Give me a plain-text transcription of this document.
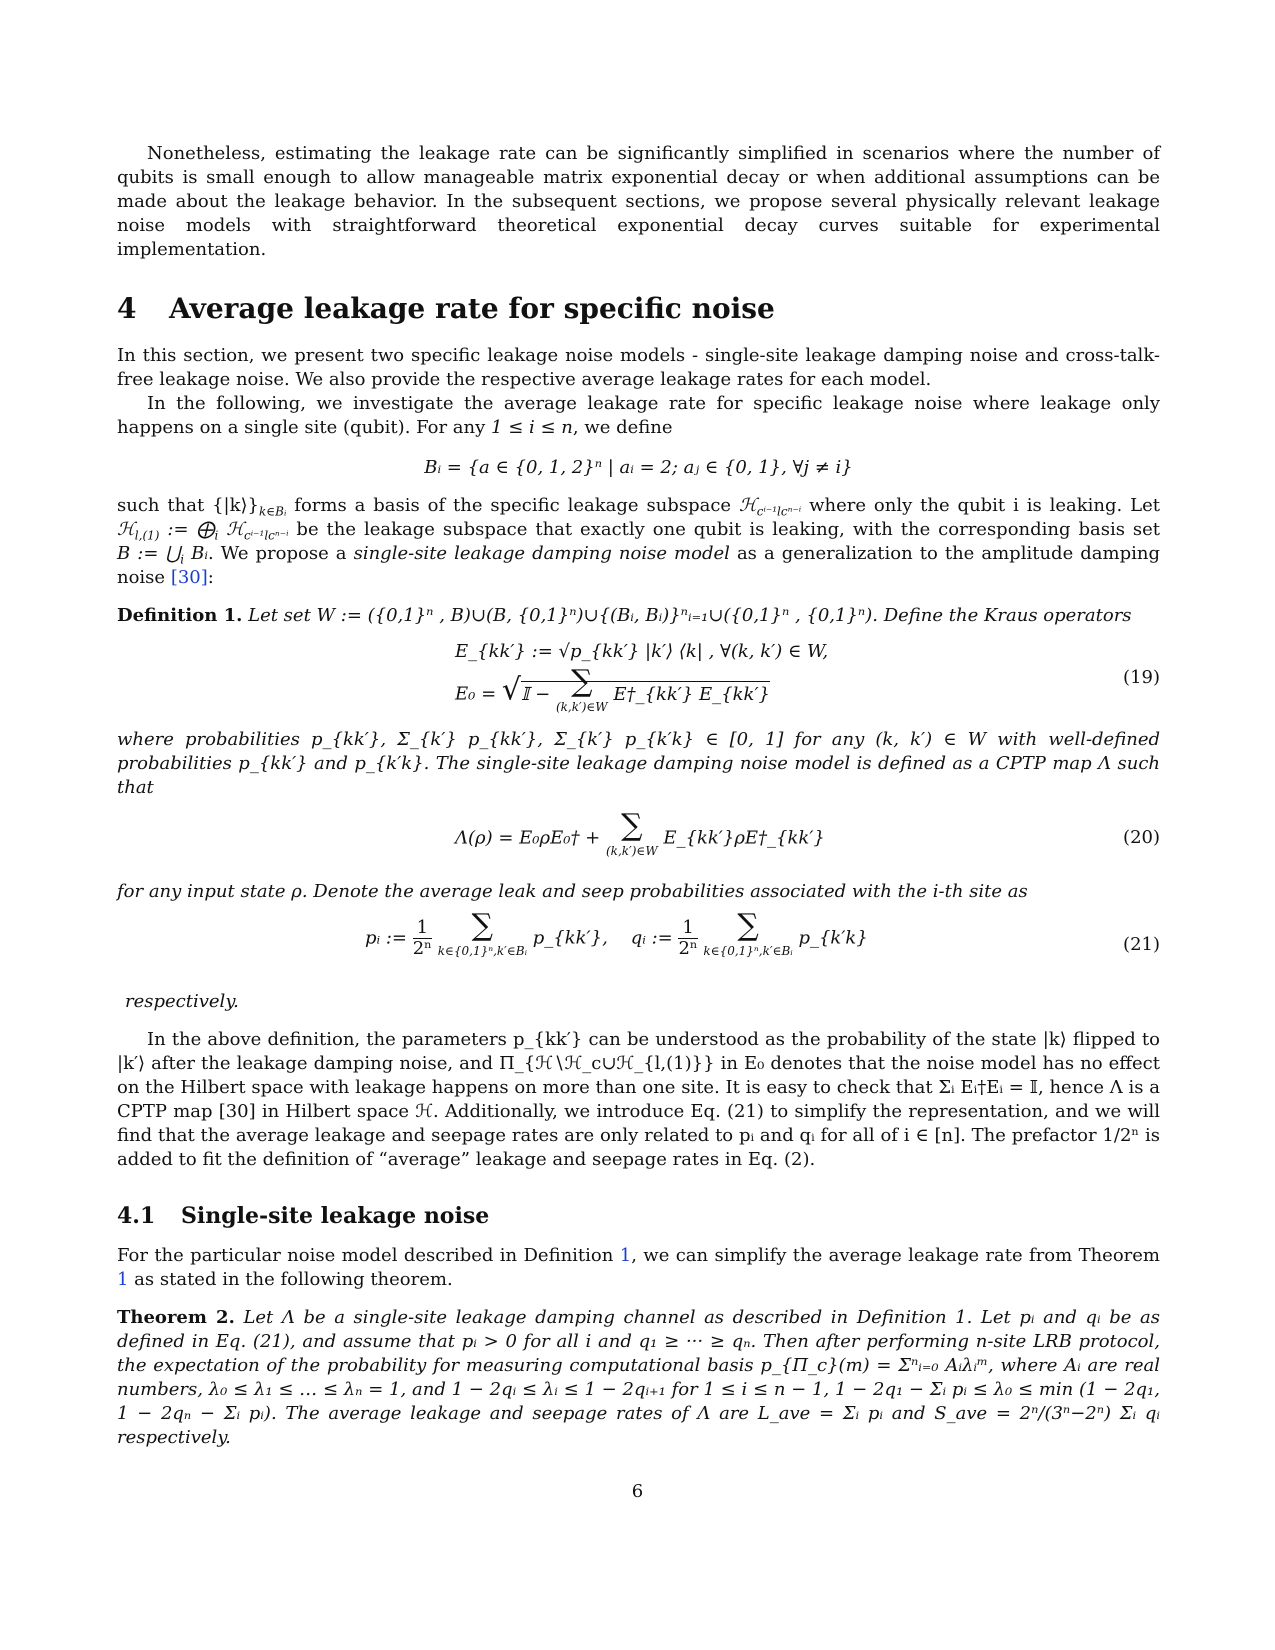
Nonetheless, estimating the leakage rate can be significantly simplified in scenarios where the number of qubits is small enough to allow manageable matrix exponential decay or when additional assumptions can be made about the leakage behavior. In the subsequent sections, we propose several physically relevant leakage noise models with straightforward theoretical exponential decay curves suitable for experimental implementation.

4 Average leakage rate for specific noise

In this section, we present two specific leakage noise models - single-site leakage damping noise and cross-talk-free leakage noise. We also provide the respective average leakage rates for each model.

In the following, we investigate the average leakage rate for specific leakage noise where leakage only happens on a single site (qubit). For any 1 ≤ i ≤ n, we define

Bᵢ = {a ∈ {0, 1, 2}ⁿ | aᵢ = 2; aⱼ ∈ {0, 1}, ∀j ≠ i}

such that $\{|k⟩\}_{k\in Bᵢ}$ forms a basis of the specific leakage subspace ℋ$_{c^{i-1}lc^{n-i}}$ where only the qubit i is leaking. Let ℋ$_{l,(1)}$ := $⨁_i$ ℋ$_{c^{i-1}lc^{n-i}}$ be the leakage subspace that exactly one qubit is leaking, with the corresponding basis set B := $⋃_i$ Bᵢ. We propose a single-site leakage damping noise model as a generalization to the amplitude damping noise [30]:

Definition 1. Let set W := ({0,1}ⁿ , B)∪(B, {0,1}ⁿ)∪{(Bᵢ, Bᵢ)}ⁿᵢ₌₁∪({0,1}ⁿ , {0,1}ⁿ). Define the Kraus operators

E_{kk′} := √p_{kk′} |k′⟩ ⟨k| , ∀(k, k′) ∈ W,
E₀ = √𝕀 − ∑
(k,k′)∈W E†_{kk′} E_{kk′}
(19)

where probabilities p_{kk′}, Σ_{k′} p_{kk′}, Σ_{k′} p_{k′k} ∈ [0, 1] for any (k, k′) ∈ W with well-defined probabilities p_{kk′} and p_{k′k}. The single-site leakage damping noise model is defined as a CPTP map Λ such that

Λ(ρ) = E₀ρE₀† + ∑
(k,k′)∈W E_{kk′}ρE†_{kk′}	(20)

for any input state ρ. Denote the average leak and seep probabilities associated with the i-th site as

pᵢ := $\frac{1}{\text{2ⁿ}}$ ∑
k∈{0,1}ⁿ,k′∈Bᵢ p_{kk′}, qᵢ := $\frac{1}{\text{2ⁿ}}$ ∑
k∈{0,1}ⁿ,k′∈Bᵢ p_{k′k}	(21)

respectively.

In the above definition, the parameters p_{kk′} can be understood as the probability of the state |k⟩ flipped to |k′⟩ after the leakage damping noise, and Π_{ℋ∖ℋ_c∪ℋ_{l,(1)}} in E₀ denotes that the noise model has no effect on the Hilbert space with leakage happens on more than one site. It is easy to check that Σᵢ Eᵢ†Eᵢ = 𝕀, hence Λ is a CPTP map [30] in Hilbert space ℋ. Additionally, we introduce Eq. (21) to simplify the representation, and we will find that the average leakage and seepage rates are only related to pᵢ and qᵢ for all of i ∈ [n]. The prefactor 1/2ⁿ is added to fit the definition of “average” leakage and seepage rates in Eq. (2).

4.1 Single-site leakage noise

For the particular noise model described in Definition 1, we can simplify the average leakage rate from Theorem 1 as stated in the following theorem.

Theorem 2. Let Λ be a single-site leakage damping channel as described in Definition 1. Let pᵢ and qᵢ be as defined in Eq. (21), and assume that pᵢ > 0 for all i and q₁ ≥ ··· ≥ qₙ. Then after performing n-site LRB protocol, the expectation of the probability for measuring computational basis p_{Π_c}(m) = Σⁿᵢ₌₀ Aᵢλᵢᵐ, where Aᵢ are real numbers, λ₀ ≤ λ₁ ≤ … ≤ λₙ = 1, and 1 − 2qᵢ ≤ λᵢ ≤ 1 − 2qᵢ₊₁ for 1 ≤ i ≤ n − 1, 1 − 2q₁ − Σᵢ pᵢ ≤ λ₀ ≤ min (1 − 2q₁, 1 − 2qₙ − Σᵢ pᵢ). The average leakage and seepage rates of Λ are L_ave = Σᵢ pᵢ and S_ave = 2ⁿ/(3ⁿ−2ⁿ) Σᵢ qᵢ respectively.

6
